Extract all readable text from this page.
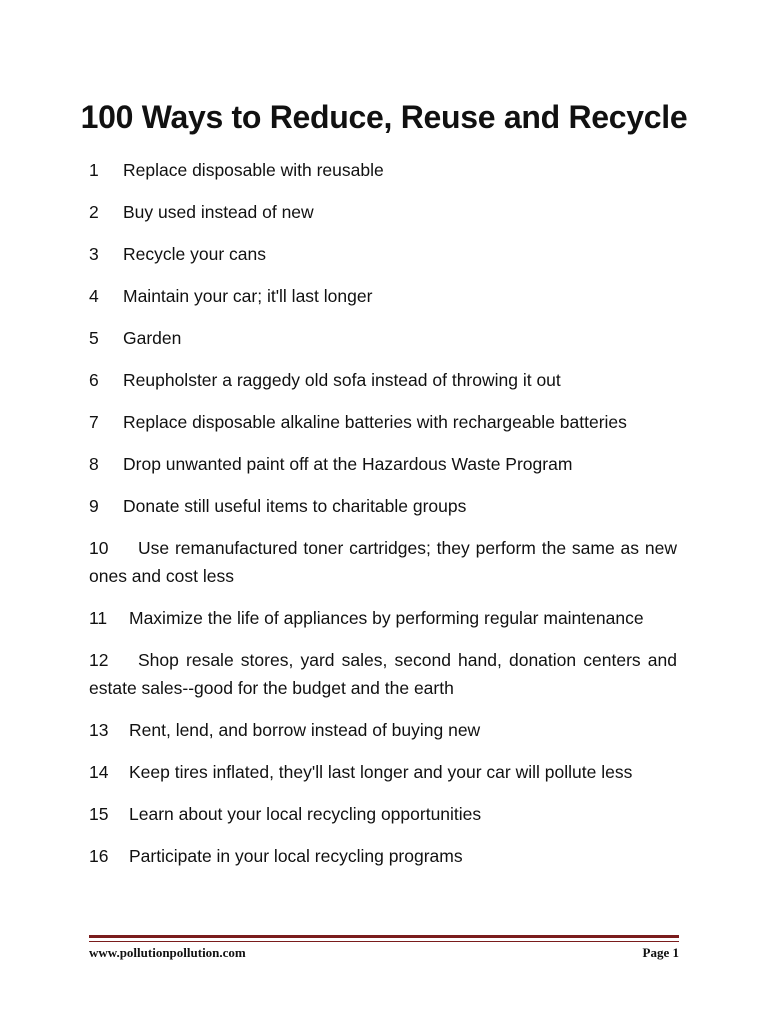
100 Ways to Reduce, Reuse and Recycle
1 Replace disposable with reusable
2 Buy used instead of new
3 Recycle your cans
4 Maintain your car; it'll last longer
5 Garden
6 Reupholster a raggedy old sofa instead of throwing it out
7 Replace disposable alkaline batteries with rechargeable batteries
8 Drop unwanted paint off at the Hazardous Waste Program
9 Donate still useful items to charitable groups
10 Use remanufactured toner cartridges; they perform the same as new ones and cost less
11 Maximize the life of appliances by performing regular maintenance
12 Shop resale stores, yard sales, second hand, donation centers and estate sales--good for the budget and the earth
13 Rent, lend, and borrow instead of buying new
14 Keep tires inflated, they'll last longer and your car will pollute less
15 Learn about your local recycling opportunities
16 Participate in your local recycling programs
www.pollutionpollution.com	Page 1
